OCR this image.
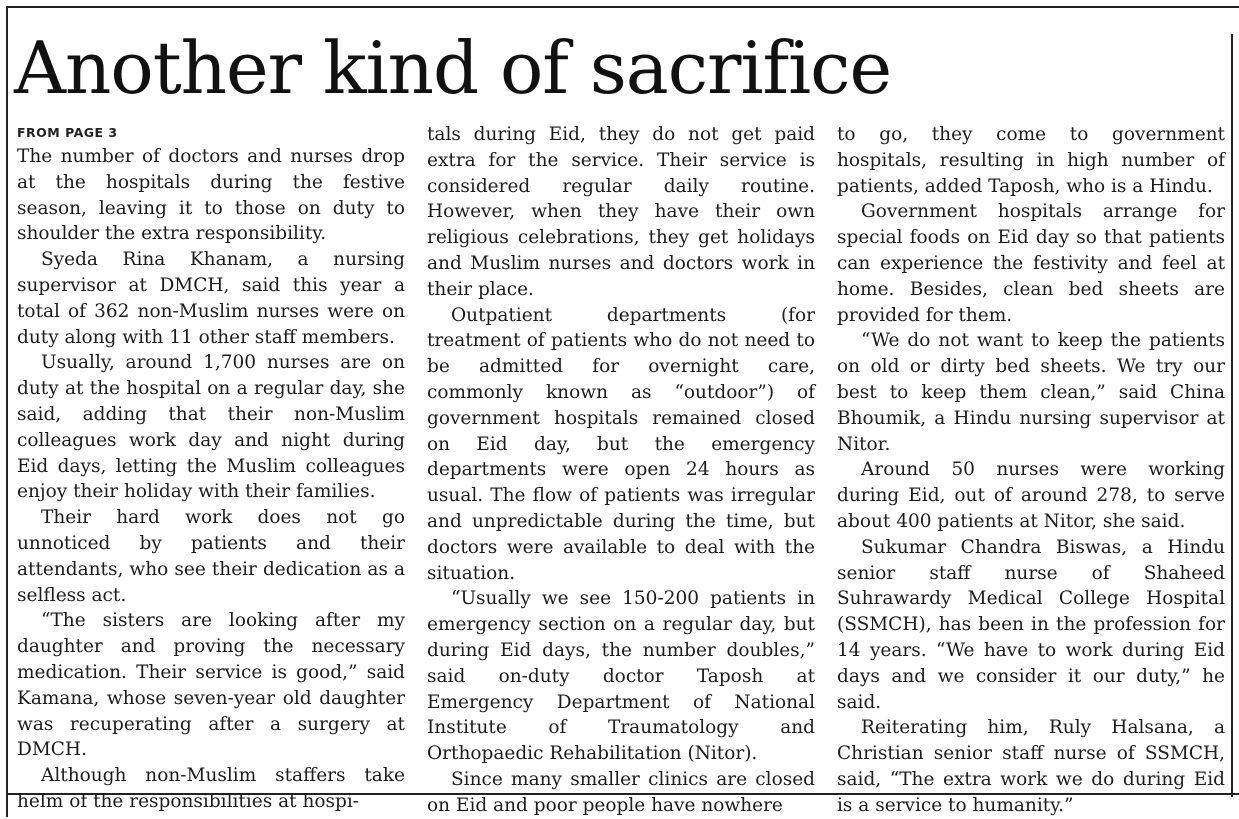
Another kind of sacrifice
FROM PAGE 3

The number of doctors and nurses drop at the hospitals during the festive season, leaving it to those on duty to shoulder the extra responsibility.

Syeda Rina Khanam, a nursing supervisor at DMCH, said this year a total of 362 non-Muslim nurses were on duty along with 11 other staff members.

Usually, around 1,700 nurses are on duty at the hospital on a regular day, she said, adding that their non-Muslim colleagues work day and night during Eid days, letting the Muslim colleagues enjoy their holiday with their families.

Their hard work does not go unnoticed by patients and their attendants, who see their dedication as a selfless act.

“The sisters are looking after my daughter and proving the necessary medication. Their service is good,” said Kamana, whose seven-year old daughter was recuperating after a surgery at DMCH.

Although non-Muslim staffers take helm of the responsibilities at hospi-

tals during Eid, they do not get paid extra for the service. Their service is considered regular daily routine. However, when they have their own religious celebrations, they get holidays and Muslim nurses and doctors work in their place.

Outpatient departments (for treatment of patients who do not need to be admitted for overnight care, commonly known as “outdoor”) of government hospitals remained closed on Eid day, but the emergency departments were open 24 hours as usual. The flow of patients was irregular and unpredictable during the time, but doctors were available to deal with the situation.

“Usually we see 150-200 patients in emergency section on a regular day, but during Eid days, the number doubles,” said on-duty doctor Taposh at Emergency Department of National Institute of Traumatology and Orthopaedic Rehabilitation (Nitor).

Since many smaller clinics are closed on Eid and poor people have nowhere

to go, they come to government hospitals, resulting in high number of patients, added Taposh, who is a Hindu.

Government hospitals arrange for special foods on Eid day so that patients can experience the festivity and feel at home. Besides, clean bed sheets are provided for them.

“We do not want to keep the patients on old or dirty bed sheets. We try our best to keep them clean,” said China Bhoumik, a Hindu nursing supervisor at Nitor.

Around 50 nurses were working during Eid, out of around 278, to serve about 400 patients at Nitor, she said.

Sukumar Chandra Biswas, a Hindu senior staff nurse of Shaheed Suhrawardy Medical College Hospital (SSMCH), has been in the profession for 14 years. “We have to work during Eid days and we consider it our duty,” he said.

Reiterating him, Ruly Halsana, a Christian senior staff nurse of SSMCH, said, “The extra work we do during Eid is a service to humanity.”
